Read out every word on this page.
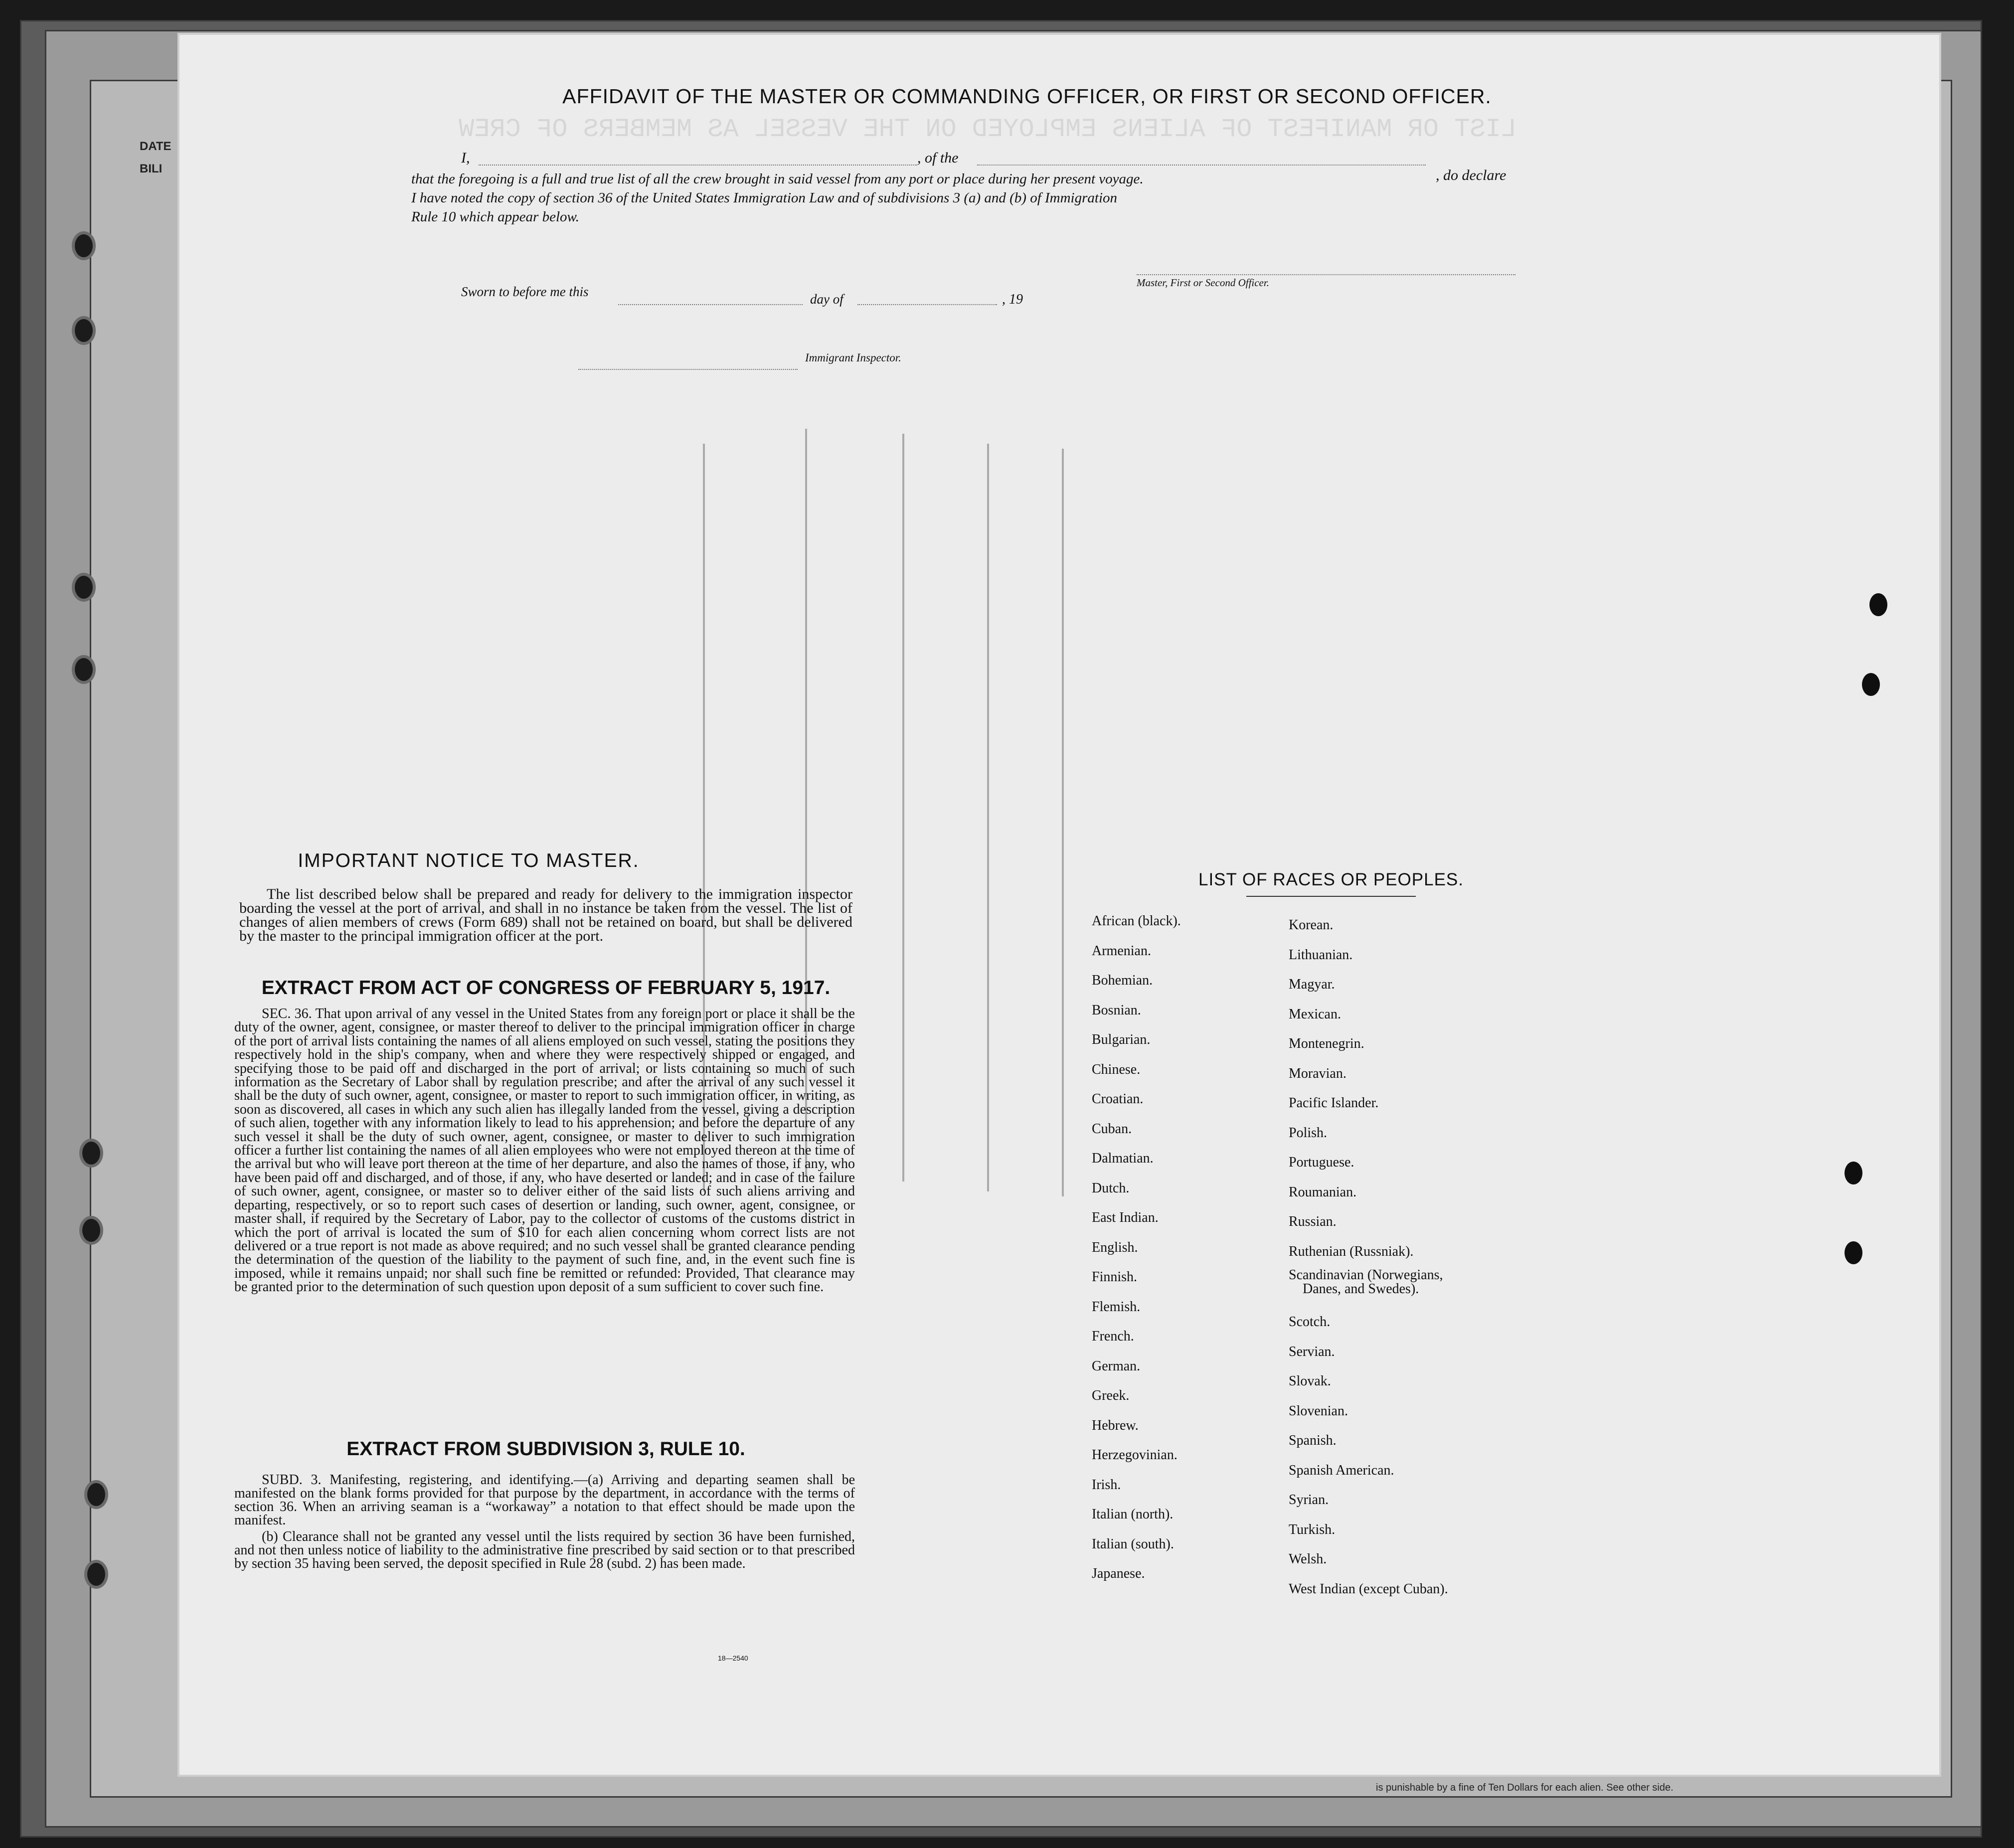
DATE
BILI
LIST OR MANIFEST OF ALIENS EMPLOYED ON THE VESSEL AS MEMBERS OF CREW
AFFIDAVIT OF THE MASTER OR COMMANDING OFFICER, OR FIRST OR SECOND OFFICER.
I,	, of the
, do declare
that the foregoing is a full and true list of all the crew brought in said vessel from any port or place during her present voyage.
I have noted the copy of section 36 of the United States Immigration Law and of subdivisions 3 (a) and (b) of Immigration
Rule 10 which appear below.
Master, First or Second Officer.
Sworn to before me this	day of	, 19
Immigrant Inspector.
IMPORTANT NOTICE TO MASTER.
The list described below shall be prepared and ready for delivery to the immigration inspector boarding the vessel at the port of arrival, and shall in no instance be taken from the vessel. The list of changes of alien members of crews (Form 689) shall not be retained on board, but shall be delivered by the master to the principal immigration officer at the port.
EXTRACT FROM ACT OF CONGRESS OF FEBRUARY 5, 1917.
SEC. 36. That upon arrival of any vessel in the United States from any foreign port or place it shall be the duty of the owner, agent, consignee, or master thereof to deliver to the principal immigration officer in charge of the port of arrival lists containing the names of all aliens employed on such vessel, stating the positions they respectively hold in the ship's company, when and where they were respectively shipped or engaged, and specifying those to be paid off and discharged in the port of arrival; or lists containing so much of such information as the Secretary of Labor shall by regulation prescribe; and after the arrival of any such vessel it shall be the duty of such owner, agent, consignee, or master to report to such immigration officer, in writing, as soon as discovered, all cases in which any such alien has illegally landed from the vessel, giving a description of such alien, together with any information likely to lead to his apprehension; and before the departure of any such vessel it shall be the duty of such owner, agent, consignee, or master to deliver to such immigration officer a further list containing the names of all alien employees who were not employed thereon at the time of the arrival but who will leave port thereon at the time of her departure, and also the names of those, if any, who have been paid off and discharged, and of those, if any, who have deserted or landed; and in case of the failure of such owner, agent, consignee, or master so to deliver either of the said lists of such aliens arriving and departing, respectively, or so to report such cases of desertion or landing, such owner, agent, consignee, or master shall, if required by the Secretary of Labor, pay to the collector of customs of the customs district in which the port of arrival is located the sum of $10 for each alien concerning whom correct lists are not delivered or a true report is not made as above required; and no such vessel shall be granted clearance pending the determination of the question of the liability to the payment of such fine, and, in the event such fine is imposed, while it remains unpaid; nor shall such fine be remitted or refunded: Provided, That clearance may be granted prior to the determination of such question upon deposit of a sum sufficient to cover such fine.
EXTRACT FROM SUBDIVISION 3, RULE 10.

SUBD. 3. Manifesting, registering, and identifying.—(a) Arriving and departing seamen shall be manifested on the blank forms provided for that purpose by the department, in accordance with the terms of section 36. When an arriving seaman is a “workaway” a notation to that effect should be made upon the manifest.

(b) Clearance shall not be granted any vessel until the lists required by section 36 have been furnished, and not then unless notice of liability to the administrative fine prescribed by said section or to that prescribed by section 35 having been served, the deposit specified in Rule 28 (subd. 2) has been made.

18—2540
LIST OF RACES OR PEOPLES.
African (black).
Armenian.
Bohemian.
Bosnian.
Bulgarian.
Chinese.
Croatian.
Cuban.
Dalmatian.
Dutch.
East Indian.
English.
Finnish.
Flemish.
French.
German.
Greek.
Hebrew.
Herzegovinian.
Irish.
Italian (north).
Italian (south).
Japanese.
Korean.
Lithuanian.
Magyar.
Mexican.
Montenegrin.
Moravian.
Pacific Islander.
Polish.
Portuguese.
Roumanian.
Russian.
Ruthenian (Russniak).
Scandinavian (Norwegians,
Danes, and Swedes).
Scotch.
Servian.
Slovak.
Slovenian.
Spanish.
Spanish American.
Syrian.
Turkish.
Welsh.
West Indian (except Cuban).
is punishable by a fine of Ten Dollars for each alien. See other side.
